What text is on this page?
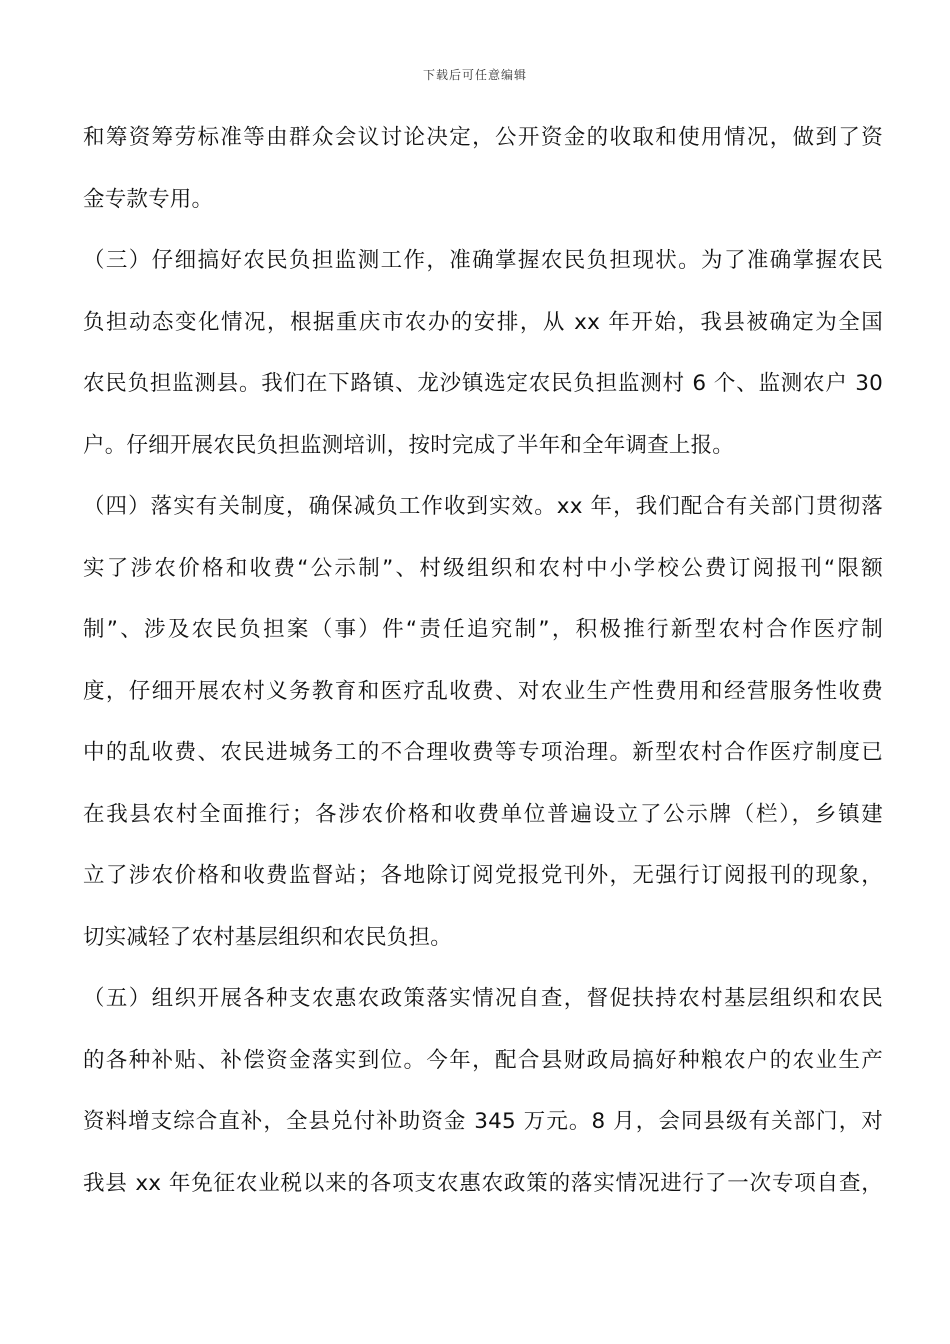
下载后可任意编辑
和筹资筹劳标准等由群众会议讨论决定，公开资金的收取和使用情况，做到了资
金专款专用。
（三）仔细搞好农民负担监测工作，准确掌握农民负担现状。为了准确掌握农民
负担动态变化情况，根据重庆市农办的安排，从 xx 年开始，我县被确定为全国
农民负担监测县。我们在下路镇、龙沙镇选定农民负担监测村 6 个、监测农户 30
户。仔细开展农民负担监测培训，按时完成了半年和全年调查上报。
（四）落实有关制度，确保减负工作收到实效。xx 年，我们配合有关部门贯彻落
实了涉农价格和收费“公示制”、村级组织和农村中小学校公费订阅报刊“限额
制”、涉及农民负担案（事）件“责任追究制”，积极推行新型农村合作医疗制
度，仔细开展农村义务教育和医疗乱收费、对农业生产性费用和经营服务性收费
中的乱收费、农民进城务工的不合理收费等专项治理。新型农村合作医疗制度已
在我县农村全面推行；各涉农价格和收费单位普遍设立了公示牌（栏），乡镇建
立了涉农价格和收费监督站；各地除订阅党报党刊外，无强行订阅报刊的现象，
切实减轻了农村基层组织和农民负担。
（五）组织开展各种支农惠农政策落实情况自查，督促扶持农村基层组织和农民
的各种补贴、补偿资金落实到位。今年，配合县财政局搞好种粮农户的农业生产
资料增支综合直补，全县兑付补助资金 345 万元。8 月，会同县级有关部门，对
我县 xx 年免征农业税以来的各项支农惠农政策的落实情况进行了一次专项自查，
